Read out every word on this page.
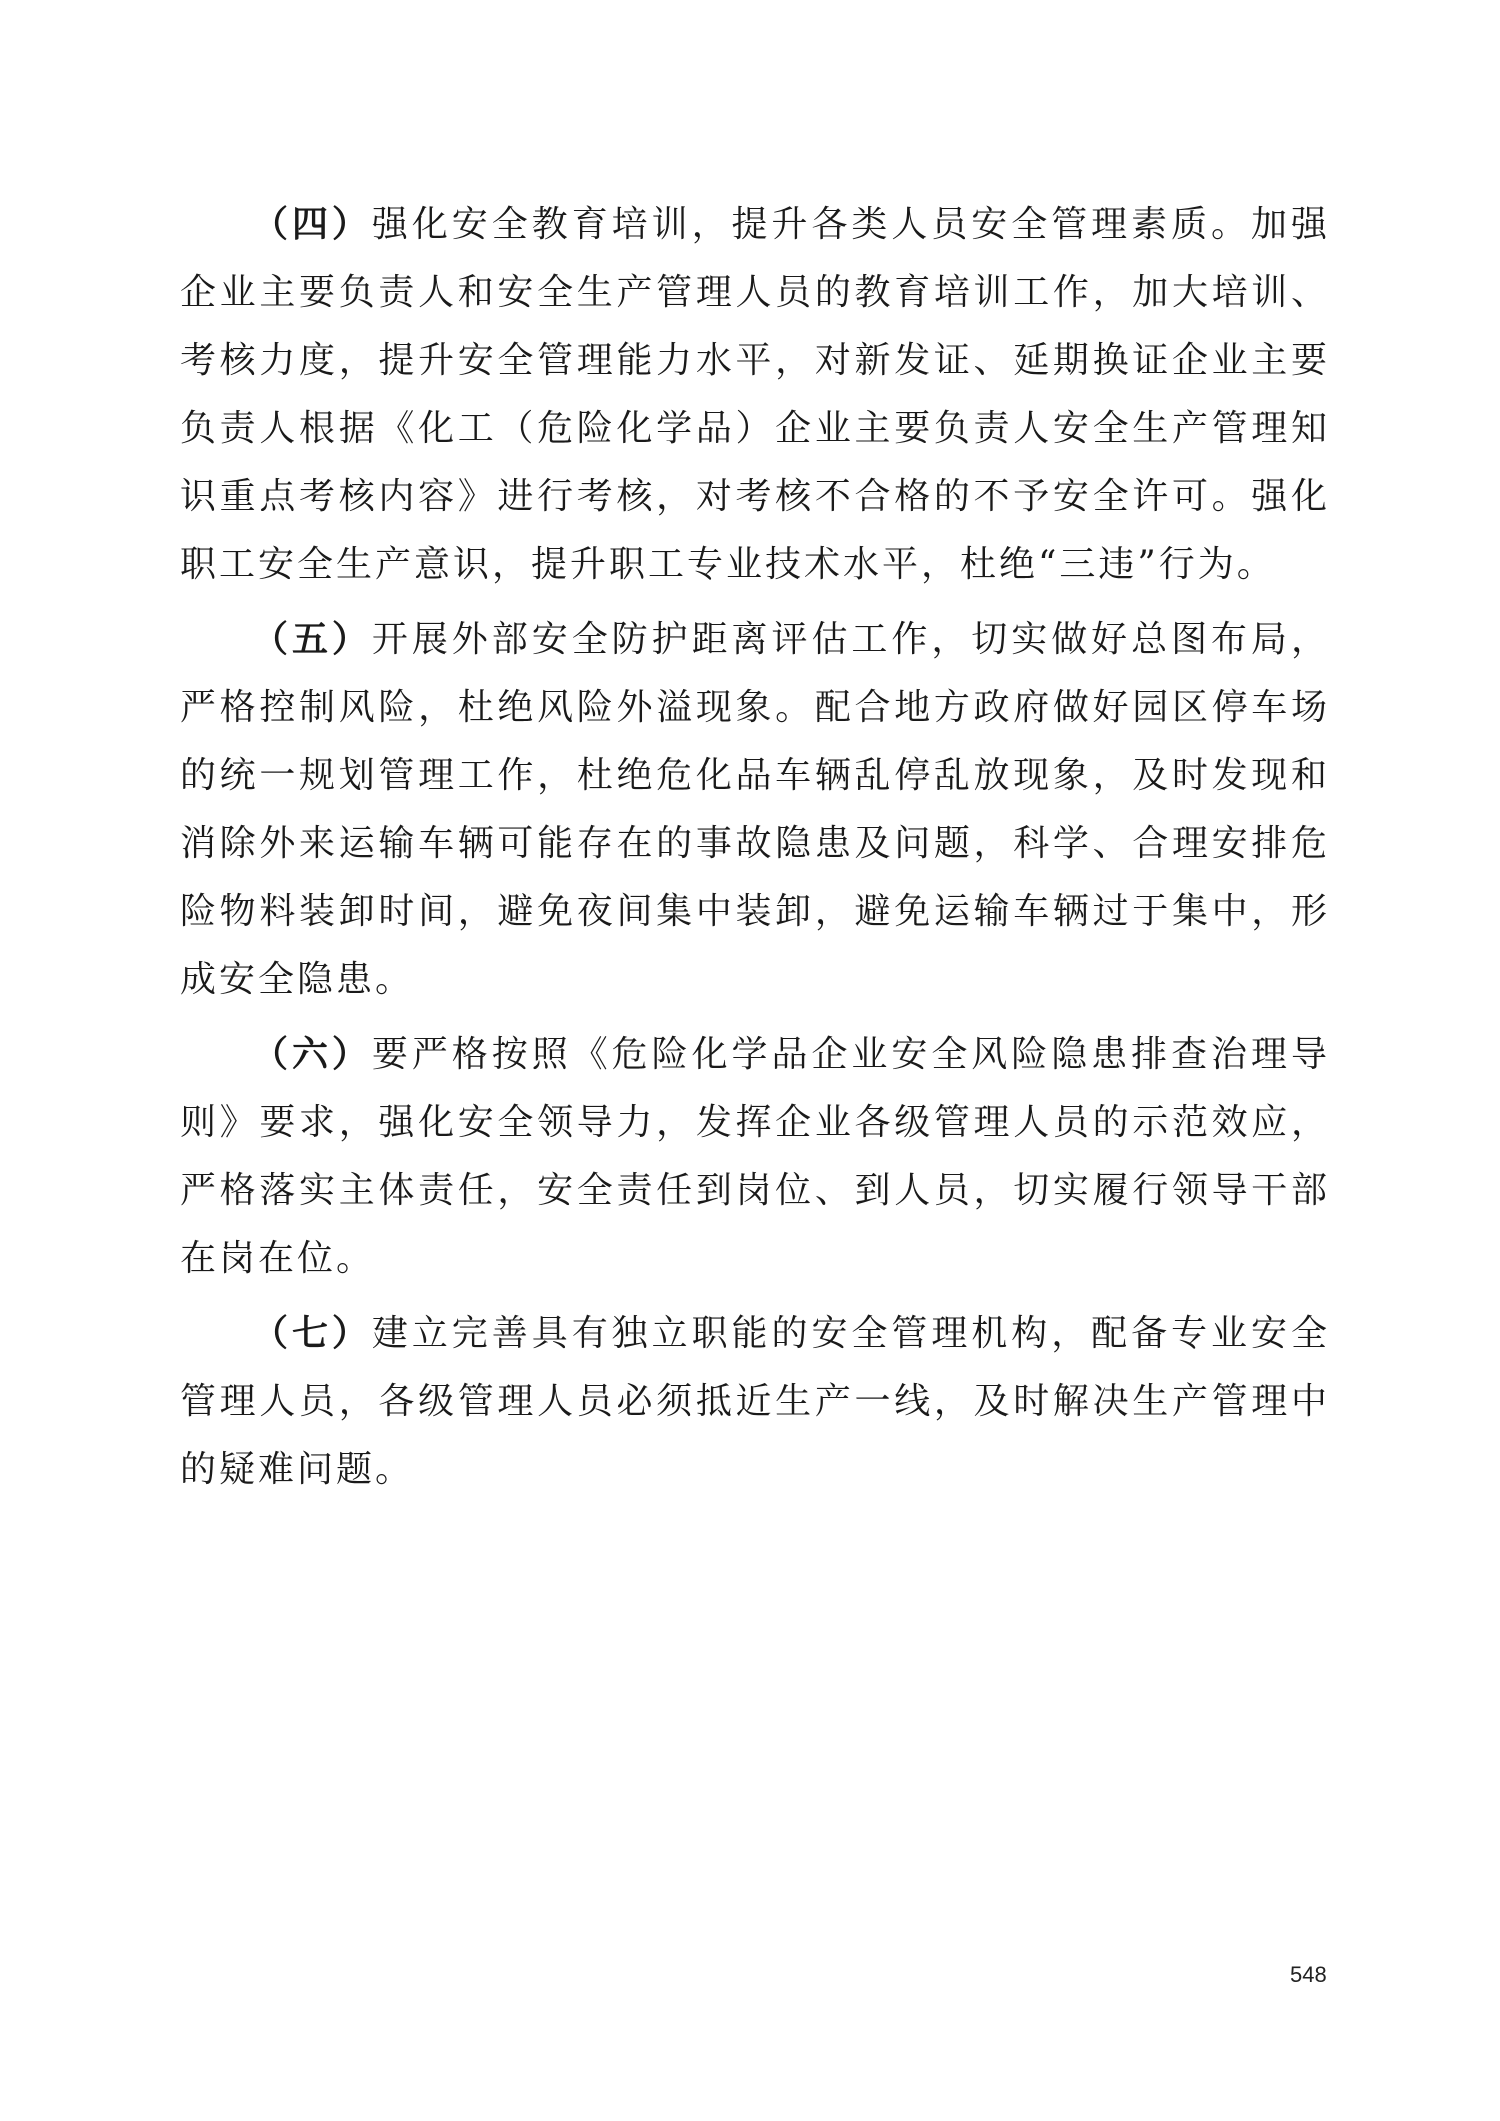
（四）强化安全教育培训，提升各类人员安全管理素质。加强企业主要负责人和安全生产管理人员的教育培训工作，加大培训、考核力度，提升安全管理能力水平，对新发证、延期换证企业主要负责人根据《化工（危险化学品）企业主要负责人安全生产管理知识重点考核内容》进行考核，对考核不合格的不予安全许可。强化职工安全生产意识，提升职工专业技术水平，杜绝“三违”行为。

（五）开展外部安全防护距离评估工作，切实做好总图布局，严格控制风险，杜绝风险外溢现象。配合地方政府做好园区停车场的统一规划管理工作，杜绝危化品车辆乱停乱放现象，及时发现和消除外来运输车辆可能存在的事故隐患及问题，科学、合理安排危险物料装卸时间，避免夜间集中装卸，避免运输车辆过于集中，形成安全隐患。

（六）要严格按照《危险化学品企业安全风险隐患排查治理导则》要求，强化安全领导力，发挥企业各级管理人员的示范效应，严格落实主体责任，安全责任到岗位、到人员，切实履行领导干部在岗在位。

（七）建立完善具有独立职能的安全管理机构，配备专业安全管理人员，各级管理人员必须抵近生产一线，及时解决生产管理中的疑难问题。

548
